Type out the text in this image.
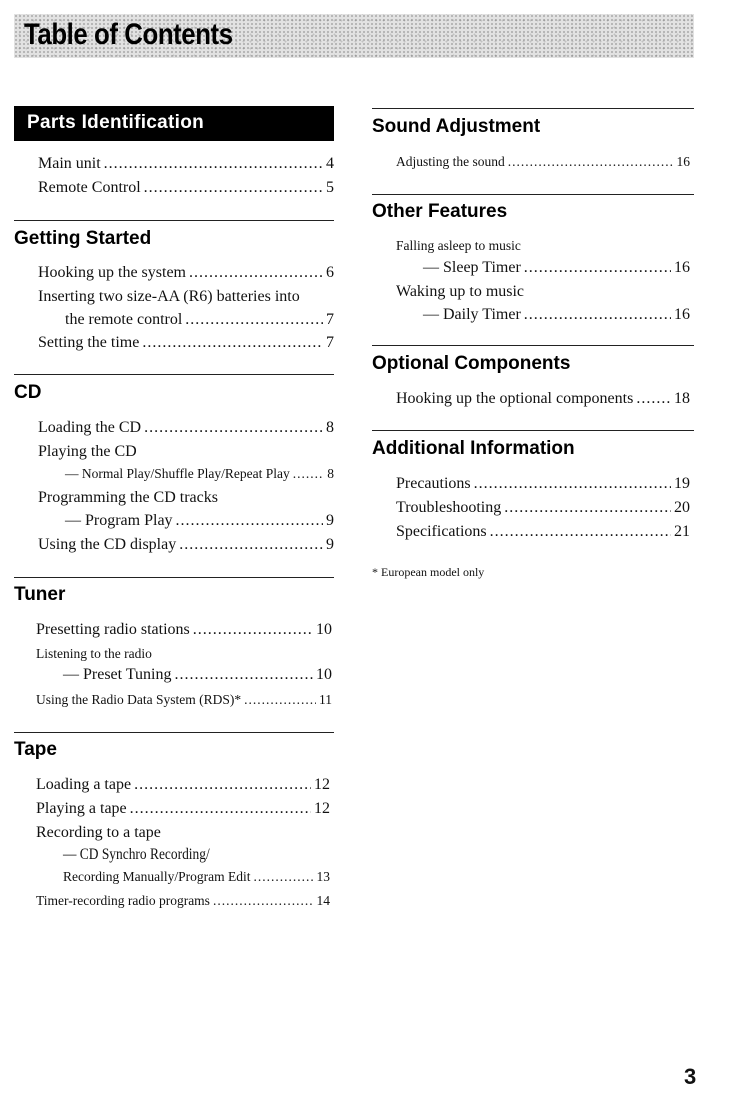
Table of Contents
Parts Identification
Main unit .....	4
Remote Control .....	5
Getting Started
Hooking up the system .....	6
Inserting two size-AA (R6) batteries into
the remote control .....	7
Setting the time .....	7
CD
Loading the CD .....	8
Playing the CD
— Normal Play/Shuffle Play/Repeat Play .....	8
Programming the CD tracks
— Program Play .....	9
Using the CD display .....	9
Tuner
Presetting radio stations .....	10
Listening to the radio
— Preset Tuning .....	10
Using the Radio Data System (RDS)* .....	11
Tape
Loading a tape .....	12
Playing a tape .....	12
Recording to a tape
— CD Synchro Recording/
Recording Manually/Program Edit .....	13
Timer-recording radio programs .....	14
Sound Adjustment
Adjusting the sound .....	16
Other Features
Falling asleep to music
— Sleep Timer .....	16
Waking up to music
— Daily Timer .....	16
Optional Components
Hooking up the optional components .....	18
Additional Information
Precautions .....	19
Troubleshooting .....	20
Specifications .....	21
* European model only
3
